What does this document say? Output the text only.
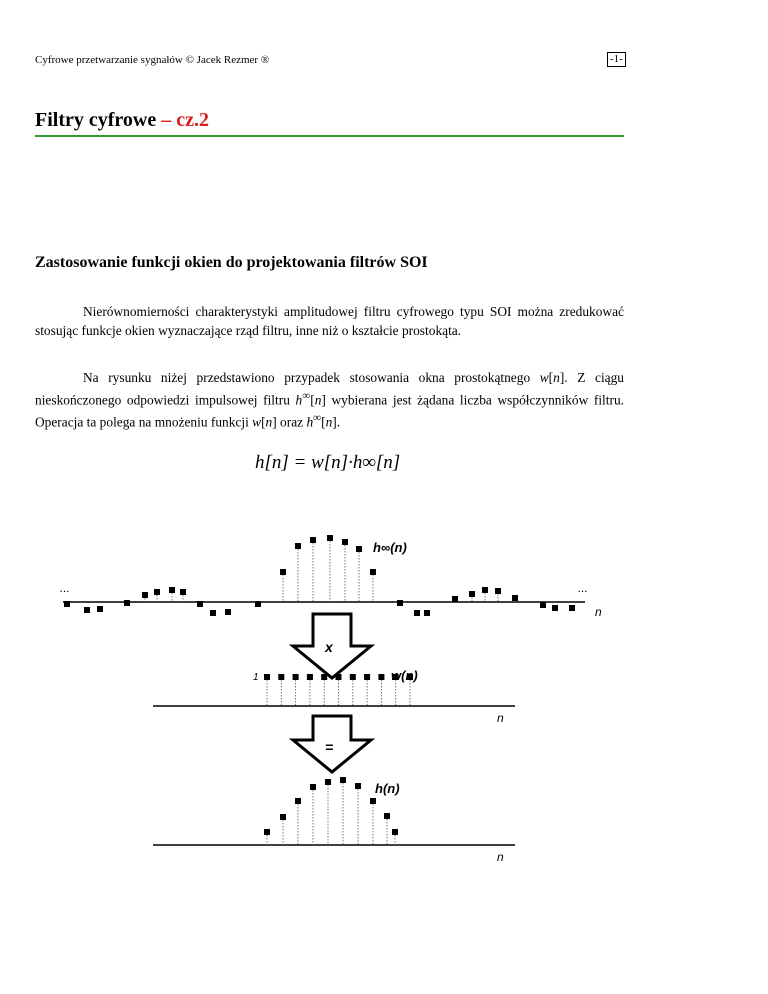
Cyfrowe przetwarzanie sygnałów © Jacek Rezmer ®	-1-
Filtry cyfrowe – cz.2
Zastosowanie funkcji okien do projektowania filtrów SOI
Nierównomierności charakterystyki amplitudowej filtru cyfrowego typu SOI można zredukować stosując funkcje okien wyznaczające rząd filtru, inne niż o kształcie prostokąta.
Na rysunku niżej przedstawiono przypadek stosowania okna prostokątnego w[n]. Z ciągu nieskończonego odpowiedzi impulsowej filtru h∞[n] wybierana jest żądana liczba współczynników filtru. Operacja ta polega na mnożeniu funkcji w[n] oraz h∞[n].
h[n] = w[n]·h∞[n]
...	...
h∞(n)
n
x
1	w(n)
n
=
h(n)
n
